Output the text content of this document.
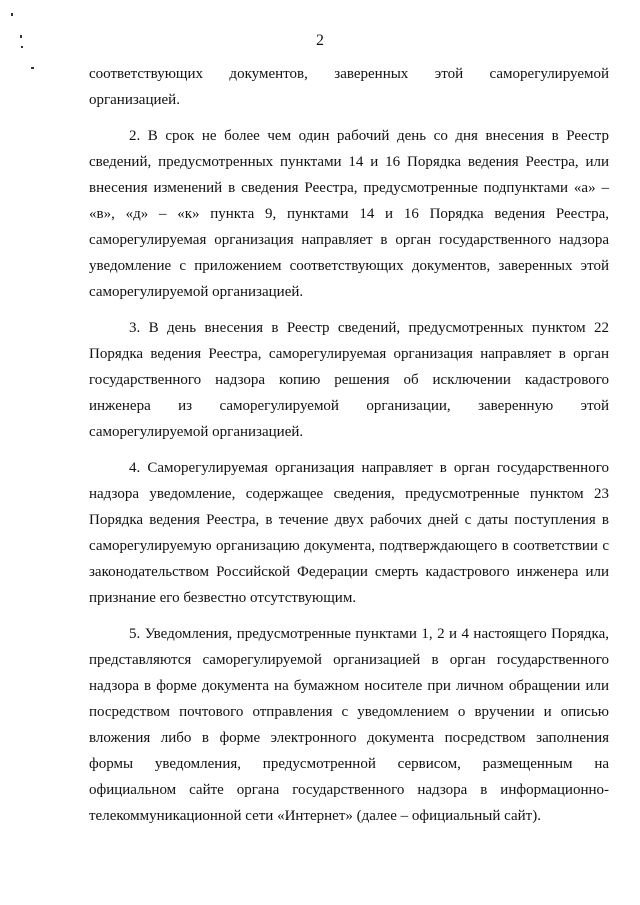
2

соответствующих документов, заверенных этой саморегулируемой организацией.

2. В срок не более чем один рабочий день со дня внесения в Реестр сведений, предусмотренных пунктами 14 и 16 Порядка ведения Реестра, или внесения изменений в сведения Реестра, предусмотренные подпунктами «а» – «в», «д» – «к» пункта 9, пунктами 14 и 16 Порядка ведения Реестра, саморегулируемая организация направляет в орган государственного надзора уведомление с приложением соответствующих документов, заверенных этой саморегулируемой организацией.

3. В день внесения в Реестр сведений, предусмотренных пунктом 22 Порядка ведения Реестра, саморегулируемая организация направляет в орган государственного надзора копию решения об исключении кадастрового инженера из саморегулируемой организации, заверенную этой саморегулируемой организацией.

4. Саморегулируемая организация направляет в орган государственного надзора уведомление, содержащее сведения, предусмотренные пунктом 23 Порядка ведения Реестра, в течение двух рабочих дней с даты поступления в саморегулируемую организацию документа, подтверждающего в соответствии с законодательством Российской Федерации смерть кадастрового инженера или признание его безвестно отсутствующим.

5. Уведомления, предусмотренные пунктами 1, 2 и 4 настоящего Порядка, представляются саморегулируемой организацией в орган государственного надзора в форме документа на бумажном носителе при личном обращении или посредством почтового отправления с уведомлением о вручении и описью вложения либо в форме электронного документа посредством заполнения формы уведомления, предусмотренной сервисом, размещенным на официальном сайте органа государственного надзора в информационно-телекоммуникационной сети «Интернет» (далее – официальный сайт).
